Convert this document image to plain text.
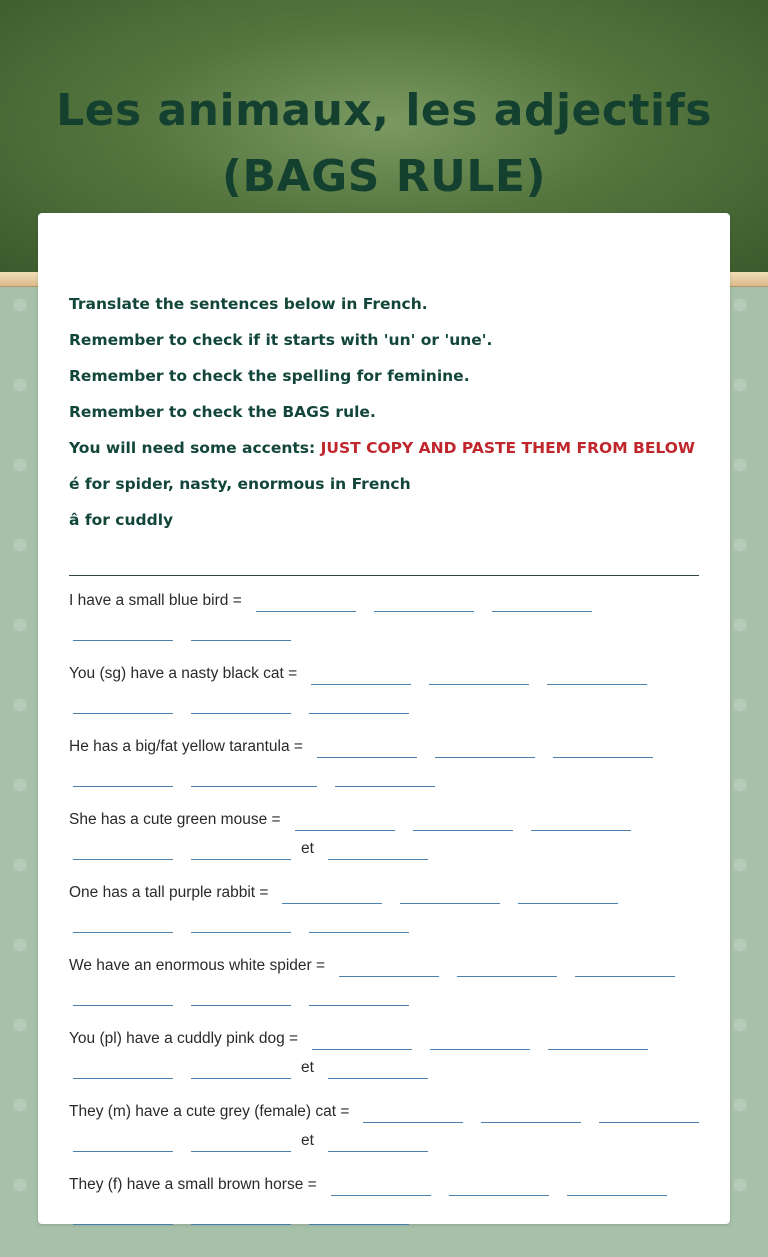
Les animaux, les adjectifs (BAGS RULE)

Translate the sentences below in French.

Remember to check if it starts with 'un' or 'une'.

Remember to check the spelling for feminine.

Remember to check the BAGS rule.

You will need some accents: JUST COPY AND PASTE THEM FROM BELOW

é for spider, nasty, enormous in French

â for cuddly

I have a small blue bird =
You (sg) have a nasty black cat =
He has a big/fat yellow tarantula =
She has a cute green mouse =
et
One has a tall purple rabbit =
We have an enormous white spider =
You (pl) have a cuddly pink dog =
et
They (m) have a cute grey (female) cat =
et
They (f) have a small brown horse =
